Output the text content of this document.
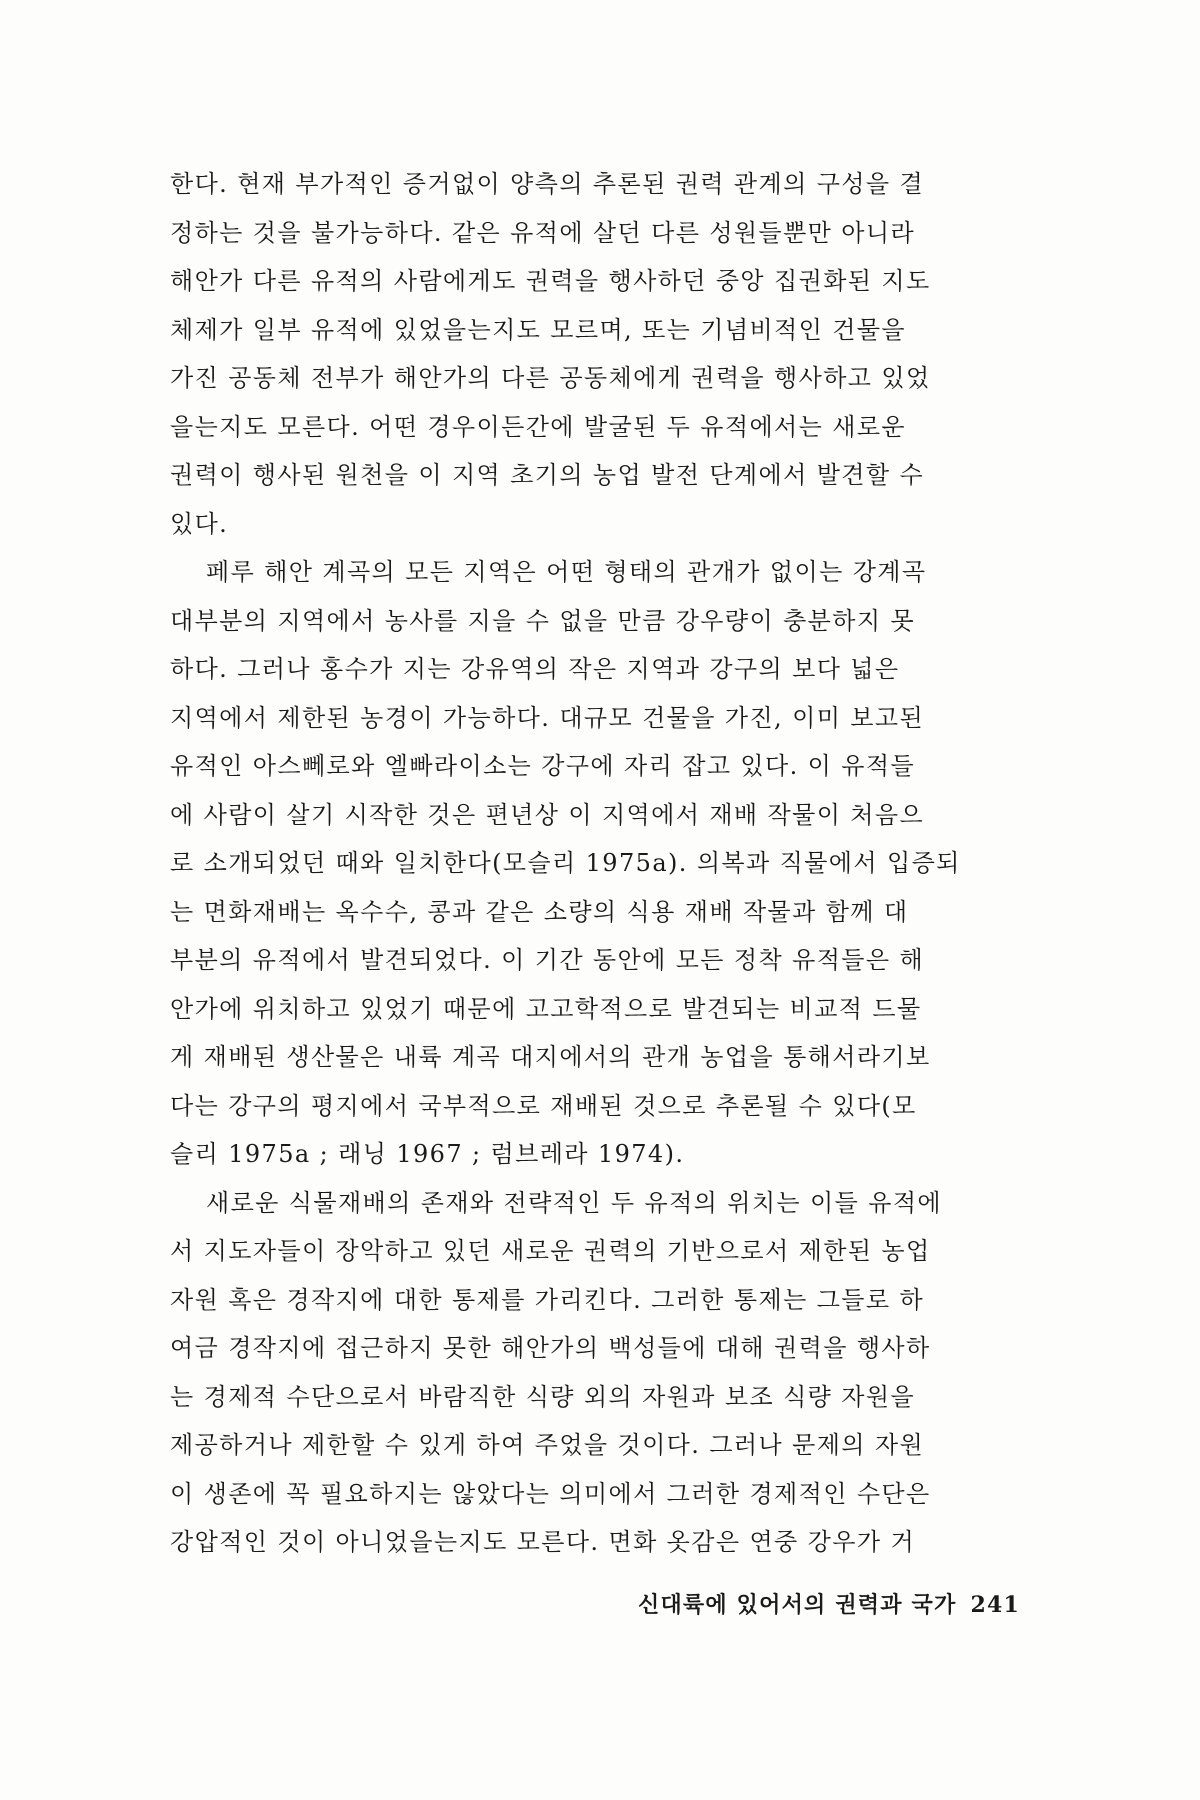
한다. 현재 부가적인 증거없이 양측의 추론된 권력 관계의 구성을 결
정하는 것을 불가능하다. 같은 유적에 살던 다른 성원들뿐만 아니라
해안가 다른 유적의 사람에게도 권력을 행사하던 중앙 집권화된 지도
체제가 일부 유적에 있었을는지도 모르며, 또는 기념비적인 건물을
가진 공동체 전부가 해안가의 다른 공동체에게 권력을 행사하고 있었
을는지도 모른다. 어떤 경우이든간에 발굴된 두 유적에서는 새로운
권력이 행사된 원천을 이 지역 초기의 농업 발전 단계에서 발견할 수
있다.
페루 해안 계곡의 모든 지역은 어떤 형태의 관개가 없이는 강계곡
대부분의 지역에서 농사를 지을 수 없을 만큼 강우량이 충분하지 못
하다. 그러나 홍수가 지는 강유역의 작은 지역과 강구의 보다 넓은
지역에서 제한된 농경이 가능하다. 대규모 건물을 가진, 이미 보고된
유적인 아스뻬로와 엘빠라이소는 강구에 자리 잡고 있다. 이 유적들
에 사람이 살기 시작한 것은 편년상 이 지역에서 재배 작물이 처음으
로 소개되었던 때와 일치한다(모슬리 1975a). 의복과 직물에서 입증되
는 면화재배는 옥수수, 콩과 같은 소량의 식용 재배 작물과 함께 대
부분의 유적에서 발견되었다. 이 기간 동안에 모든 정착 유적들은 해
안가에 위치하고 있었기 때문에 고고학적으로 발견되는 비교적 드물
게 재배된 생산물은 내륙 계곡 대지에서의 관개 농업을 통해서라기보
다는 강구의 평지에서 국부적으로 재배된 것으로 추론될 수 있다(모
슬리 1975a ; 래닝 1967 ; 럼브레라 1974).
새로운 식물재배의 존재와 전략적인 두 유적의 위치는 이들 유적에
서 지도자들이 장악하고 있던 새로운 권력의 기반으로서 제한된 농업
자원 혹은 경작지에 대한 통제를 가리킨다. 그러한 통제는 그들로 하
여금 경작지에 접근하지 못한 해안가의 백성들에 대해 권력을 행사하
는 경제적 수단으로서 바람직한 식량 외의 자원과 보조 식량 자원을
제공하거나 제한할 수 있게 하여 주었을 것이다. 그러나 문제의 자원
이 생존에 꼭 필요하지는 않았다는 의미에서 그러한 경제적인 수단은
강압적인 것이 아니었을는지도 모른다. 면화 옷감은 연중 강우가 거
신대륙에 있어서의 권력과 국가 241
